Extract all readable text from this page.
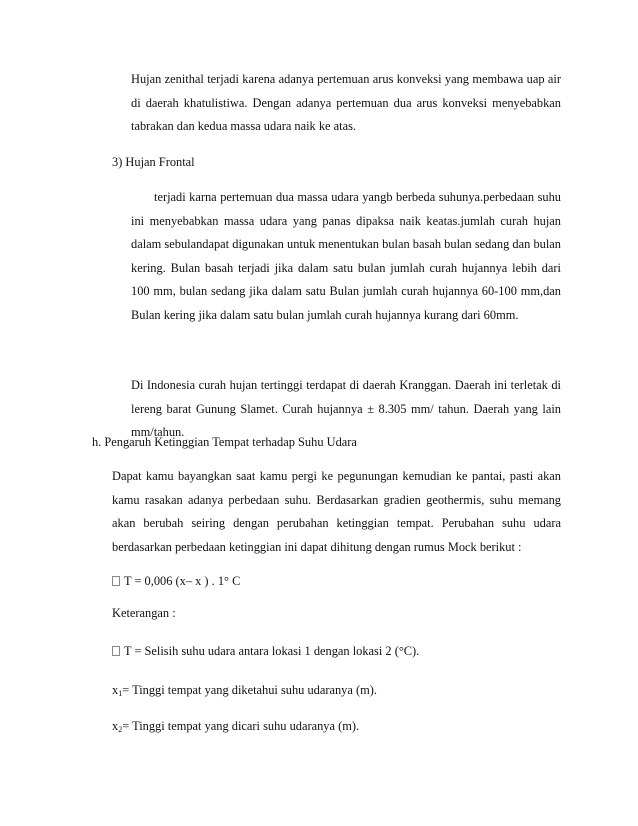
Hujan zenithal terjadi karena adanya pertemuan arus konveksi yang membawa uap air di daerah khatulistiwa. Dengan adanya pertemuan dua arus konveksi menyebabkan tabrakan dan kedua massa udara naik ke atas.

3) Hujan Frontal

terjadi karna pertemuan dua massa udara yangb berbeda suhunya.perbedaan suhu ini menyebabkan massa udara yang panas dipaksa naik keatas.jumlah curah hujan dalam sebulandapat digunakan untuk menentukan bulan basah bulan sedang dan bulan kering. Bulan basah terjadi jika dalam satu bulan jumlah curah hujannya lebih dari 100 mm, bulan sedang jika dalam satu Bulan jumlah curah hujannya 60-100 mm,dan Bulan kering jika dalam satu bulan jumlah curah hujannya kurang dari 60mm.

Di Indonesia curah hujan tertinggi terdapat di daerah Kranggan. Daerah ini terletak di lereng barat Gunung Slamet. Curah hujannya ± 8.305 mm/ tahun. Daerah yang lain mm/tahun.

h. Pengaruh Ketinggian Tempat terhadap Suhu Udara

Dapat kamu bayangkan saat kamu pergi ke pegunungan kemudian ke pantai, pasti akan kamu rasakan adanya perbedaan suhu. Berdasarkan gradien geothermis, suhu memang akan berubah seiring dengan perubahan ketinggian tempat. Perubahan suhu udara berdasarkan perbedaan ketinggian ini dapat dihitung dengan rumus Mock berikut :

T = 0,006 (x– x ) . 1° C

Keterangan :

T = Selisih suhu udara antara lokasi 1 dengan lokasi 2 (°C).

$x_1=$ Tinggi tempat yang diketahui suhu udaranya (m).

$x_2=$ Tinggi tempat yang dicari suhu udaranya (m).
